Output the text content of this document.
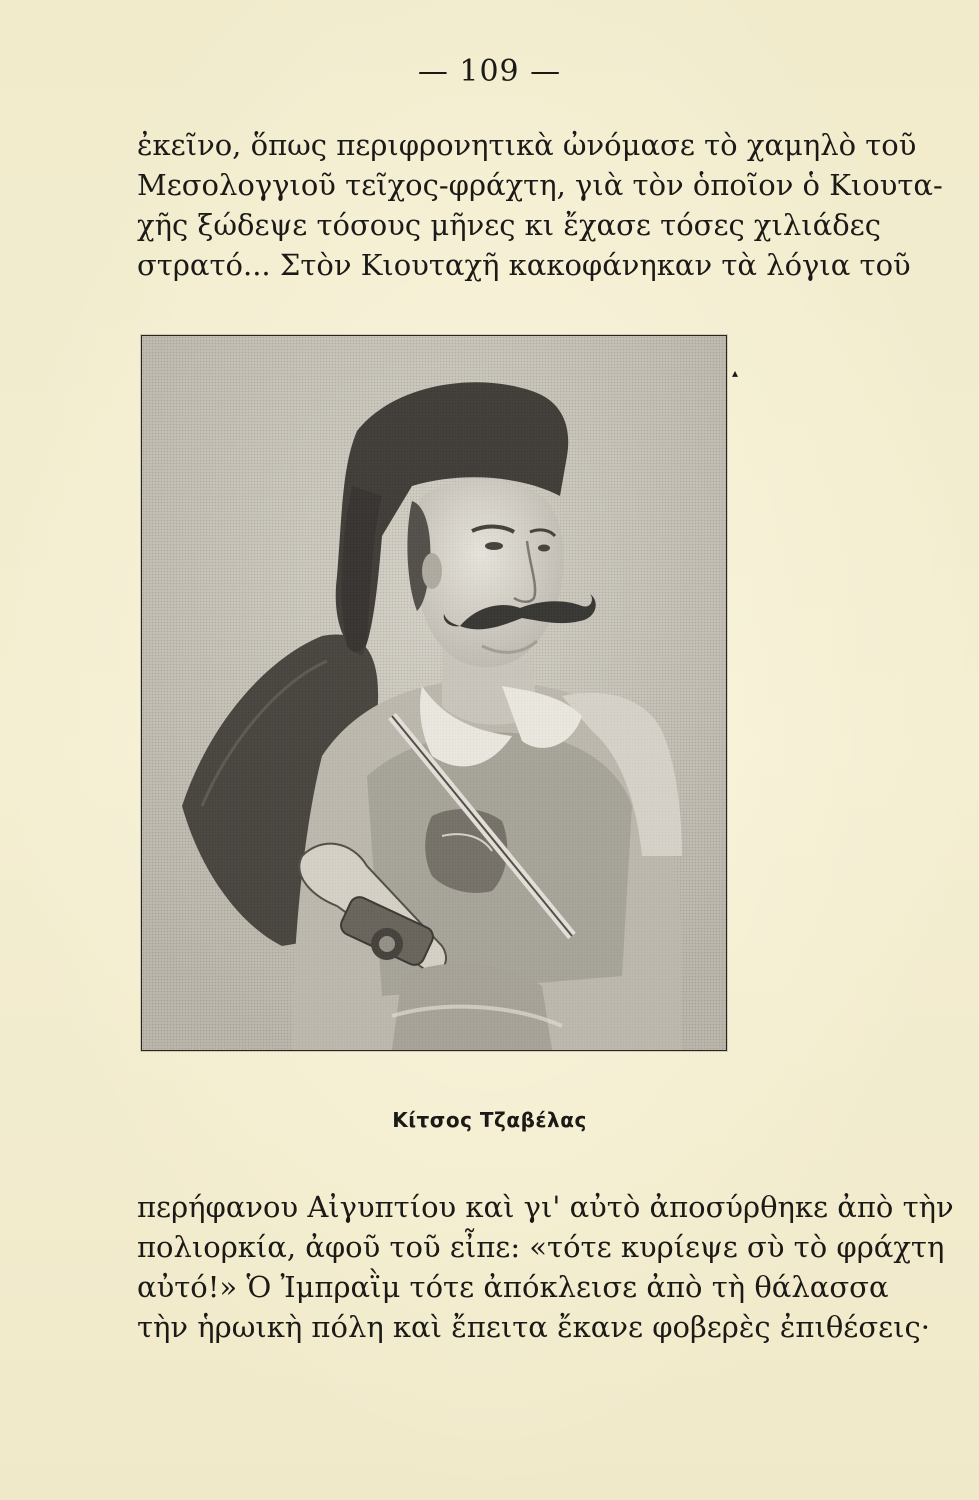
— 109 —
ἐκεῖνο, ὅπως περιφρονητικὰ ὠνόμασε τὸ χαμηλὸ τοῦ
Μεσολογγιοῦ τεῖχος-φράχτη, γιὰ τὸν ὁποῖον ὁ Κιουτα-
χῆς ξώδεψε τόσους μῆνες κι ἔχασε τόσες χιλιάδες
στρατό... Στὸν Κιουταχῆ κακοφάνηκαν τὰ λόγια τοῦ
▴
Κίτσος Τζαβέλας
περήφανου Αἰγυπτίου καὶ γι' αὐτὸ ἀποσύρθηκε ἀπὸ τὴν
πολιορκία, ἀφοῦ τοῦ εἶπε: «τότε κυρίεψε σὺ τὸ φράχτη
αὐτό!» Ὁ Ἰμπραῒμ τότε ἀπόκλεισε ἀπὸ τὴ θάλασσα
τὴν ἡρωικὴ πόλη καὶ ἔπειτα ἔκανε φοβερὲς ἐπιθέσεις·
